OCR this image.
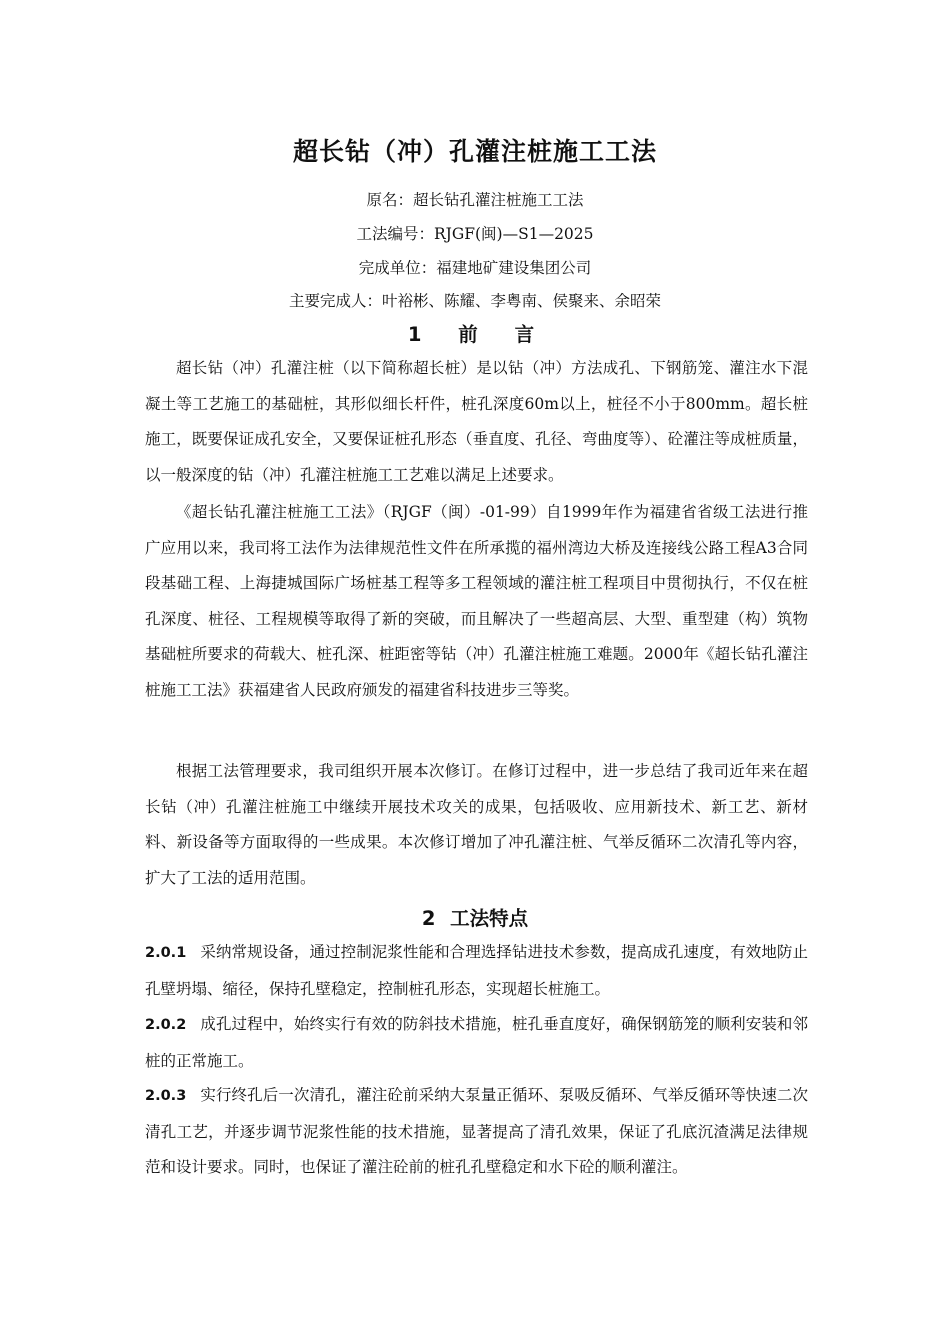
超长钻（冲）孔灌注桩施工工法

原名：超长钻孔灌注桩施工工法

工法编号：RJGF(闽)—S1—2025

完成单位：福建地矿建设集团公司

主要完成人：叶裕彬、陈耀、李粤南、侯聚来、余昭荣

1 前 言

超长钻（冲）孔灌注桩（以下简称超长桩）是以钻（冲）方法成孔、下钢筋笼、灌注水下混凝土等工艺施工的基础桩，其形似细长杆件，桩孔深度60m以上，桩径不小于800mm。超长桩施工，既要保证成孔安全，又要保证桩孔形态（垂直度、孔径、弯曲度等）、砼灌注等成桩质量，以一般深度的钻（冲）孔灌注桩施工工艺难以满足上述要求。

《超长钻孔灌注桩施工工法》（RJGF（闽）-01-99）自1999年作为福建省省级工法进行推广应用以来，我司将工法作为法律规范性文件在所承揽的福州湾边大桥及连接线公路工程A3合同段基础工程、上海捷城国际广场桩基工程等多工程领域的灌注桩工程项目中贯彻执行，不仅在桩孔深度、桩径、工程规模等取得了新的突破，而且解决了一些超高层、大型、重型建（构）筑物基础桩所要求的荷载大、桩孔深、桩距密等钻（冲）孔灌注桩施工难题。2000年《超长钻孔灌注桩施工工法》获福建省人民政府颁发的福建省科技进步三等奖。

根据工法管理要求，我司组织开展本次修订。在修订过程中，进一步总结了我司近年来在超长钻（冲）孔灌注桩施工中继续开展技术攻关的成果，包括吸收、应用新技术、新工艺、新材料、新设备等方面取得的一些成果。本次修订增加了冲孔灌注桩、气举反循环二次清孔等内容，扩大了工法的适用范围。

2 工法特点

2.0.1 采纳常规设备，通过控制泥浆性能和合理选择钻进技术参数，提高成孔速度，有效地防止孔壁坍塌、缩径，保持孔壁稳定，控制桩孔形态，实现超长桩施工。

2.0.2 成孔过程中，始终实行有效的防斜技术措施，桩孔垂直度好，确保钢筋笼的顺利安装和邻桩的正常施工。

2.0.3 实行终孔后一次清孔，灌注砼前采纳大泵量正循环、泵吸反循环、气举反循环等快速二次清孔工艺，并逐步调节泥浆性能的技术措施，显著提高了清孔效果，保证了孔底沉渣满足法律规范和设计要求。同时，也保证了灌注砼前的桩孔孔壁稳定和水下砼的顺利灌注。
